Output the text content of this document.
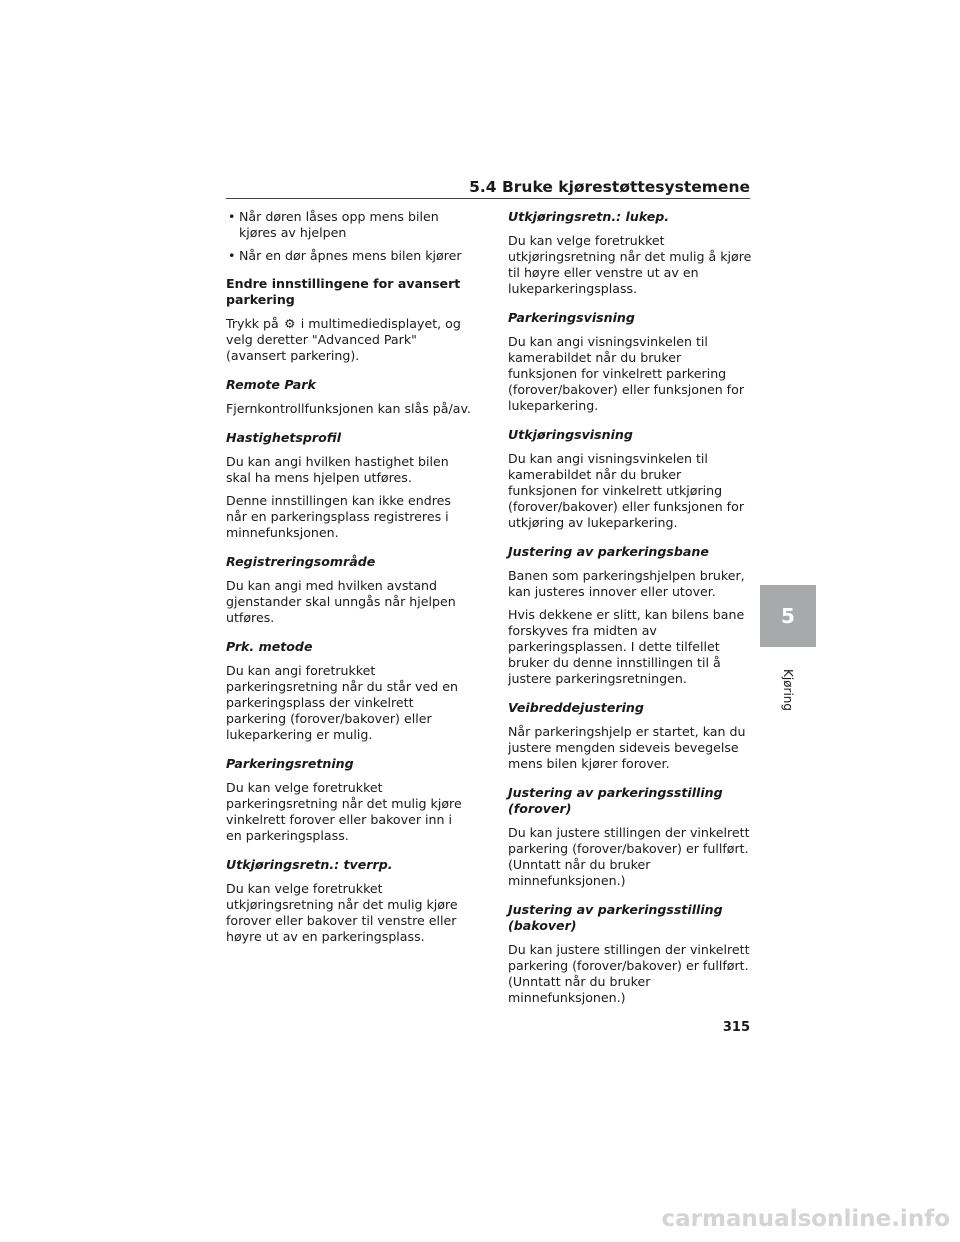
5.4 Bruke kjørestøttesystemene
• Når døren låses opp mens bilen kjøres av hjelpen
• Når en dør åpnes mens bilen kjører

Endre innstillingene for avansert parkering

Trykk på ⚙ i multimediedisplayet, og velg deretter "Advanced Park" (avansert parkering).

Remote Park

Fjernkontrollfunksjonen kan slås på/av.

Hastighetsprofil

Du kan angi hvilken hastighet bilen skal ha mens hjelpen utføres.

Denne innstillingen kan ikke endres når en parkeringsplass registreres i minnefunksjonen.

Registreringsområde

Du kan angi med hvilken avstand gjenstander skal unngås når hjelpen utføres.

Prk. metode

Du kan angi foretrukket parkeringsretning når du står ved en parkeringsplass der vinkelrett parkering (forover/bakover) eller lukeparkering er mulig.

Parkeringsretning

Du kan velge foretrukket parkeringsretning når det mulig kjøre vinkelrett forover eller bakover inn i en parkeringsplass.

Utkjøringsretn.: tverrp.

Du kan velge foretrukket utkjøringsretning når det mulig kjøre forover eller bakover til venstre eller høyre ut av en parkeringsplass.

Utkjøringsretn.: lukep.

Du kan velge foretrukket utkjøringsretning når det mulig å kjøre til høyre eller venstre ut av en lukeparkeringsplass.

Parkeringsvisning

Du kan angi visningsvinkelen til kamerabildet når du bruker funksjonen for vinkelrett parkering (forover/bakover) eller funksjonen for lukeparkering.

Utkjøringsvisning

Du kan angi visningsvinkelen til kamerabildet når du bruker funksjonen for vinkelrett utkjøring (forover/bakover) eller funksjonen for utkjøring av lukeparkering.

Justering av parkeringsbane

Banen som parkeringshjelpen bruker, kan justeres innover eller utover.

Hvis dekkene er slitt, kan bilens bane forskyves fra midten av parkeringsplassen. I dette tilfellet bruker du denne innstillingen til å justere parkeringsretningen.

Veibreddejustering

Når parkeringshjelp er startet, kan du justere mengden sideveis bevegelse mens bilen kjører forover.

Justering av parkeringsstilling (forover)

Du kan justere stillingen der vinkelrett parkering (forover/bakover) er fullført. (Unntatt når du bruker minnefunksjonen.)

Justering av parkeringsstilling (bakover)

Du kan justere stillingen der vinkelrett parkering (forover/bakover) er fullført. (Unntatt når du bruker minnefunksjonen.)

5
Kjøring
315
carmanualsonline.info
